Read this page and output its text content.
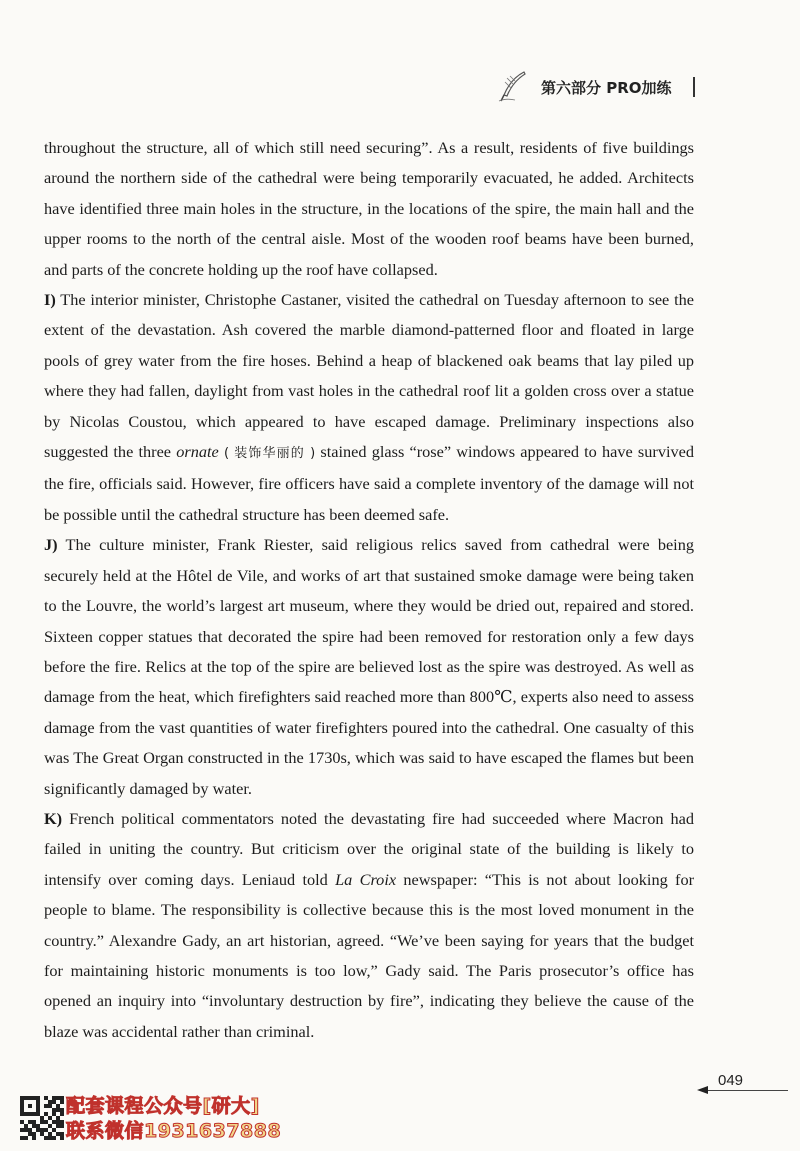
第六部分 PRO加练

throughout the structure, all of which still need securing”. As a result, residents of five buildings around the northern side of the cathedral were being temporarily evacuated, he added. Architects have identified three main holes in the structure, in the locations of the spire, the main hall and the upper rooms to the north of the central aisle. Most of the wooden roof beams have been burned, and parts of the concrete holding up the roof have collapsed.

I) The interior minister, Christophe Castaner, visited the cathedral on Tuesday afternoon to see the extent of the devastation. Ash covered the marble diamond-patterned floor and floated in large pools of grey water from the fire hoses. Behind a heap of blackened oak beams that lay piled up where they had fallen, daylight from vast holes in the cathedral roof lit a golden cross over a statue by Nicolas Coustou, which appeared to have escaped damage. Preliminary inspections also suggested the three ornate ( 装饰华丽的 ) stained glass “rose” windows appeared to have survived the fire, officials said. However, fire officers have said a complete inventory of the damage will not be possible until the cathedral structure has been deemed safe.

J) The culture minister, Frank Riester, said religious relics saved from cathedral were being securely held at the Hôtel de Vile, and works of art that sustained smoke damage were being taken to the Louvre, the world’s largest art museum, where they would be dried out, repaired and stored. Sixteen copper statues that decorated the spire had been removed for restoration only a few days before the fire. Relics at the top of the spire are believed lost as the spire was destroyed. As well as damage from the heat, which firefighters said reached more than 800℃, experts also need to assess damage from the vast quantities of water firefighters poured into the cathedral. One casualty of this was The Great Organ constructed in the 1730s, which was said to have escaped the flames but been significantly damaged by water.

K) French political commentators noted the devastating fire had succeeded where Macron had failed in uniting the country. But criticism over the original state of the building is likely to intensify over coming days. Leniaud told La Croix newspaper: “This is not about looking for people to blame. The responsibility is collective because this is the most loved monument in the country.” Alexandre Gady, an art historian, agreed. “We’ve been saying for years that the budget for maintaining historic monuments is too low,” Gady said. The Paris prosecutor’s office has opened an inquiry into “involuntary destruction by fire”, indicating they believe the cause of the blaze was accidental rather than criminal.

049
配套课程公众号[研大]
联系微信1931637888
